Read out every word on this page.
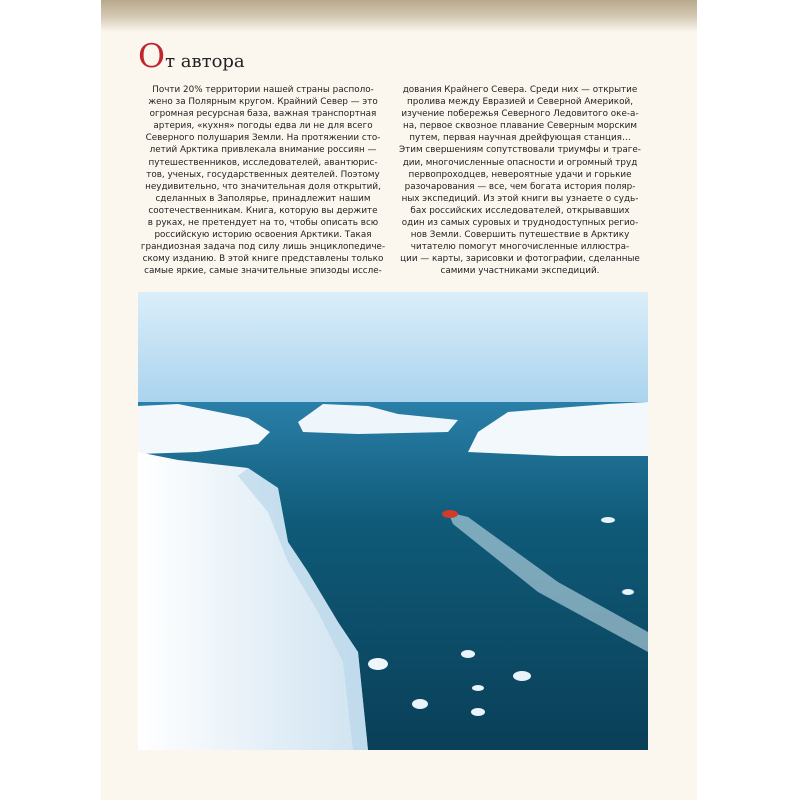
От автора
Почти 20% территории нашей страны располо-
жено за Полярным кругом. Крайний Север — это
огромная ресурсная база, важная транспортная
артерия, «кухня» погоды едва ли не для всего
Северного полушария Земли. На протяжении сто-
летий Арктика привлекала внимание россиян —
путешественников, исследователей, авантюрис-
тов, ученых, государственных деятелей. Поэтому
неудивительно, что значительная доля открытий,
сделанных в Заполярье, принадлежит нашим
соотечественникам. Книга, которую вы держите
в руках, не претендует на то, чтобы описать всю
российскую историю освоения Арктики. Такая
грандиозная задача под силу лишь энциклопедиче-
скому изданию. В этой книге представлены только
самые яркие, самые значительные эпизоды иссле-
дования Крайнего Севера. Среди них — открытие
пролива между Евразией и Северной Америкой,
изучение побережья Северного Ледовитого оке-а-
на, первое сквозное плавание Северным морским
путем, первая научная дрейфующая станция…
Этим свершениям сопутствовали триумфы и траге-
дии, многочисленные опасности и огромный труд
первопроходцев, невероятные удачи и горькие
разочарования — все, чем богата история поляр-
ных экспедиций. Из этой книги вы узнаете о судь-
бах российских исследователей, открывавших
один из самых суровых и труднодоступных регио-
нов Земли. Совершить путешествие в Арктику
читателю помогут многочисленные иллюстра-
ции — карты, зарисовки и фотографии, сделанные
самими участниками экспедиций.
